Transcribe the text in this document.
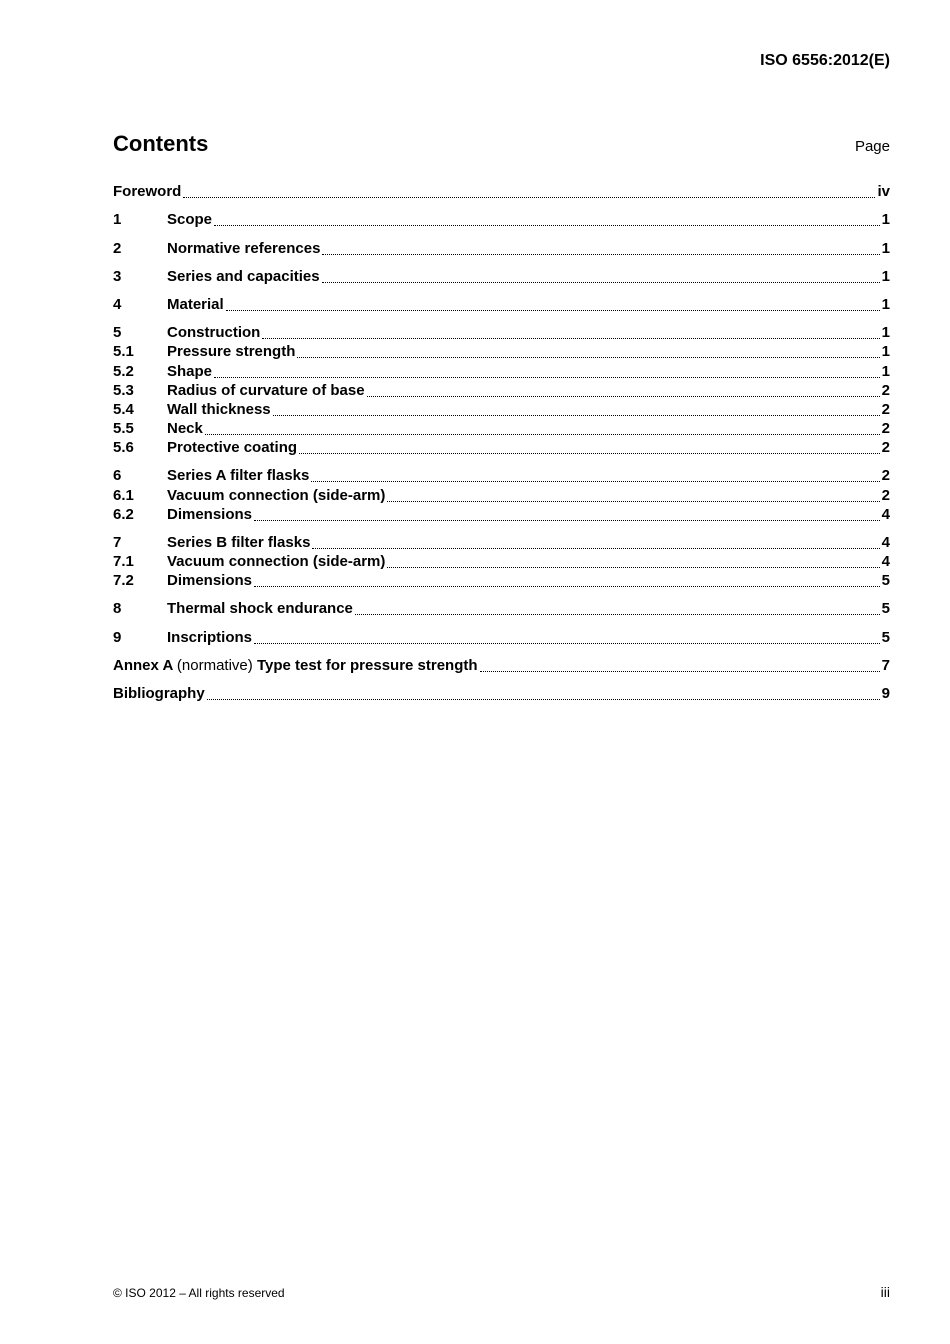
ISO 6556:2012(E)
Contents	Page
Foreword	iv
1	Scope	1
2	Normative references	1
3	Series and capacities	1
4	Material	1
5	Construction	1
5.1	Pressure strength	1
5.2	Shape	1
5.3	Radius of curvature of base	2
5.4	Wall thickness	2
5.5	Neck	2
5.6	Protective coating	2
6	Series A filter flasks	2
6.1	Vacuum connection (side-arm)	2
6.2	Dimensions	4
7	Series B filter flasks	4
7.1	Vacuum connection (side-arm)	4
7.2	Dimensions	5
8	Thermal shock endurance	5
9	Inscriptions	5
Annex A (normative) Type test for pressure strength	7
Bibliography	9
© ISO 2012 – All rights reserved	iii
